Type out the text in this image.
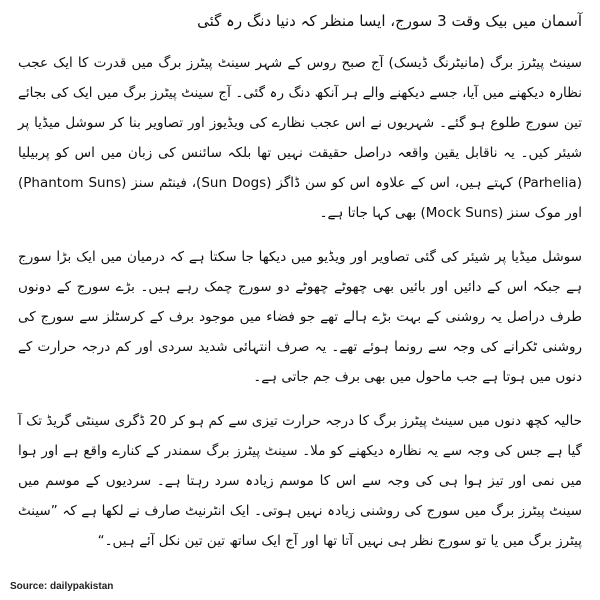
آسمان میں بیک وقت 3 سورج، ایسا منظر کہ دنیا دنگ رہ گئی

سینٹ پیٹرز برگ (مانیٹرنگ ڈیسک) آج صبح روس کے شہر سینٹ پیٹرز برگ میں قدرت کا ایک عجب نظارہ دیکھنے میں آیا، جسے دیکھنے والے ہر آنکھ دنگ رہ گئی۔ آج سینٹ پیٹرز برگ میں ایک کی بجائے تین سورج طلوع ہو گئے۔ شہریوں نے اس عجب نظارے کی ویڈیوز اور تصاویر بنا کر سوشل میڈیا پر شیئر کیں۔ یہ ناقابل یقین واقعہ دراصل حقیقت نہیں تھا بلکہ سائنس کی زبان میں اس کو پربیلیا (Parhelia) کہتے ہیں، اس کے علاوہ اس کو سن ڈاگز (Sun Dogs)، فینٹم سنز (Phantom Suns) اور موک سنز (Mock Suns) بھی کہا جاتا ہے۔

سوشل میڈیا پر شیئر کی گئی تصاویر اور ویڈیو میں دیکھا جا سکتا ہے کہ درمیان میں ایک بڑا سورج ہے جبکہ اس کے دائیں اور بائیں بھی چھوٹے چھوٹے دو سورج چمک رہے ہیں۔ بڑے سورج کے دونوں طرف دراصل یہ روشنی کے بہت بڑے ہالے تھے جو فضاء میں موجود برف کے کرسٹلز سے سورج کی روشنی ٹکرانے کی وجہ سے رونما ہوئے تھے۔ یہ صرف انتہائی شدید سردی اور کم درجہ حرارت کے دنوں میں ہوتا ہے جب ماحول میں بھی برف جم جاتی ہے۔

حالیہ کچھ دنوں میں سینٹ پیٹرز برگ کا درجہ حرارت تیزی سے کم ہو کر 20 ڈگری سینٹی گریڈ تک آ گیا ہے جس کی وجہ سے یہ نظارہ دیکھنے کو ملا۔ سینٹ پیٹرز برگ سمندر کے کنارے واقع ہے اور ہوا میں نمی اور تیز ہوا ہی کی وجہ سے اس کا موسم زیادہ سرد رہتا ہے۔ سردیوں کے موسم میں سینٹ پیٹرز برگ میں سورج کی روشنی زیادہ نہیں ہوتی۔ ایک انٹرنیٹ صارف نے لکھا ہے کہ ”سینٹ پیٹرز برگ میں یا تو سورج نظر ہی نہیں آتا تھا اور آج ایک ساتھ تین تین نکل آئے ہیں۔“

Source: dailypakistan
